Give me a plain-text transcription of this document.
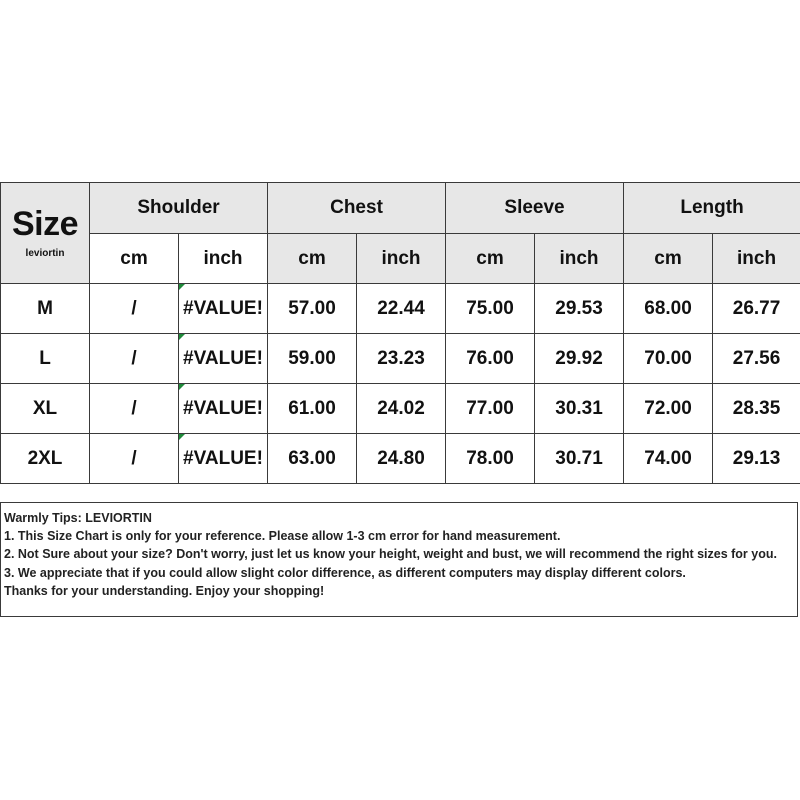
Size
leviortin	Shoulder		Chest		Sleeve		Length	
	cm	inch	cm	inch	cm	inch	cm	inch
M	/	#VALUE!	57.00	22.44	75.00	29.53	68.00	26.77
L	/	#VALUE!	59.00	23.23	76.00	29.92	70.00	27.56
XL	/	#VALUE!	61.00	24.02	77.00	30.31	72.00	28.35
2XL	/	#VALUE!	63.00	24.80	78.00	30.71	74.00	29.13
Warmly Tips: LEVIORTIN
1. This Size Chart is only for your reference. Please allow 1-3 cm error for hand measurement.
2. Not Sure about your size? Don't worry, just let us know your height, weight and bust, we will recommend the right sizes for you.
3. We appreciate that if you could allow slight color difference, as different computers may display different colors.
Thanks for your understanding. Enjoy your shopping!
